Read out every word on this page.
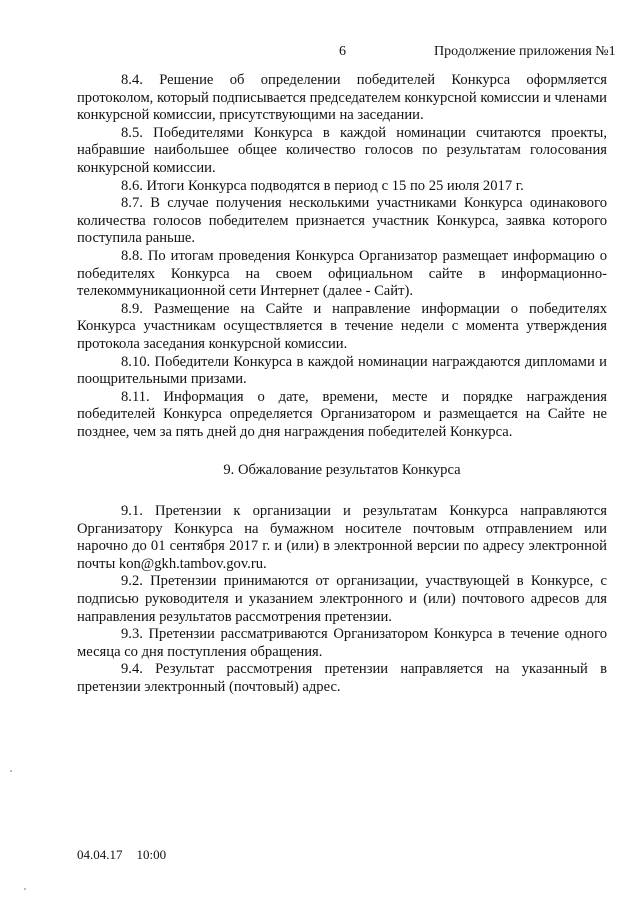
6	Продолжение приложения №1

8.4. Решение об определении победителей Конкурса оформляется протоколом, который подписывается председателем конкурсной комиссии и членами конкурсной комиссии, присутствующими на заседании.

8.5. Победителями Конкурса в каждой номинации считаются проекты, набравшие наибольшее общее количество голосов по результатам голосования конкурсной комиссии.

8.6. Итоги Конкурса подводятся в период с 15 по 25 июля 2017 г.

8.7. В случае получения несколькими участниками Конкурса одинакового количества голосов победителем признается участник Конкурса, заявка которого поступила раньше.

8.8. По итогам проведения Конкурса Организатор размещает информацию о победителях Конкурса на своем официальном сайте в информационно-телекоммуникационной сети Интернет (далее - Сайт).

8.9. Размещение на Сайте и направление информации о победителях Конкурса участникам осуществляется в течение недели с момента утверждения протокола заседания конкурсной комиссии.

8.10. Победители Конкурса в каждой номинации награждаются дипломами и поощрительными призами.

8.11. Информация о дате, времени, месте и порядке награждения победителей Конкурса определяется Организатором и размещается на Сайте не позднее, чем за пять дней до дня награждения победителей Конкурса.

9. Обжалование результатов Конкурса

9.1. Претензии к организации и результатам Конкурса направляются Организатору Конкурса на бумажном носителе почтовым отправлением или нарочно до 01 сентября 2017 г. и (или) в электронной версии по адресу электронной почты kon@gkh.tambov.gov.ru.

9.2. Претензии принимаются от организации, участвующей в Конкурсе, с подписью руководителя и указанием электронного и (или) почтового адресов для направления результатов рассмотрения претензии.

9.3. Претензии рассматриваются Организатором Конкурса в течение одного месяца со дня поступления обращения.

9.4. Результат рассмотрения претензии направляется на указанный в претензии электронный (почтовый) адрес.

04.04.17 10:00
